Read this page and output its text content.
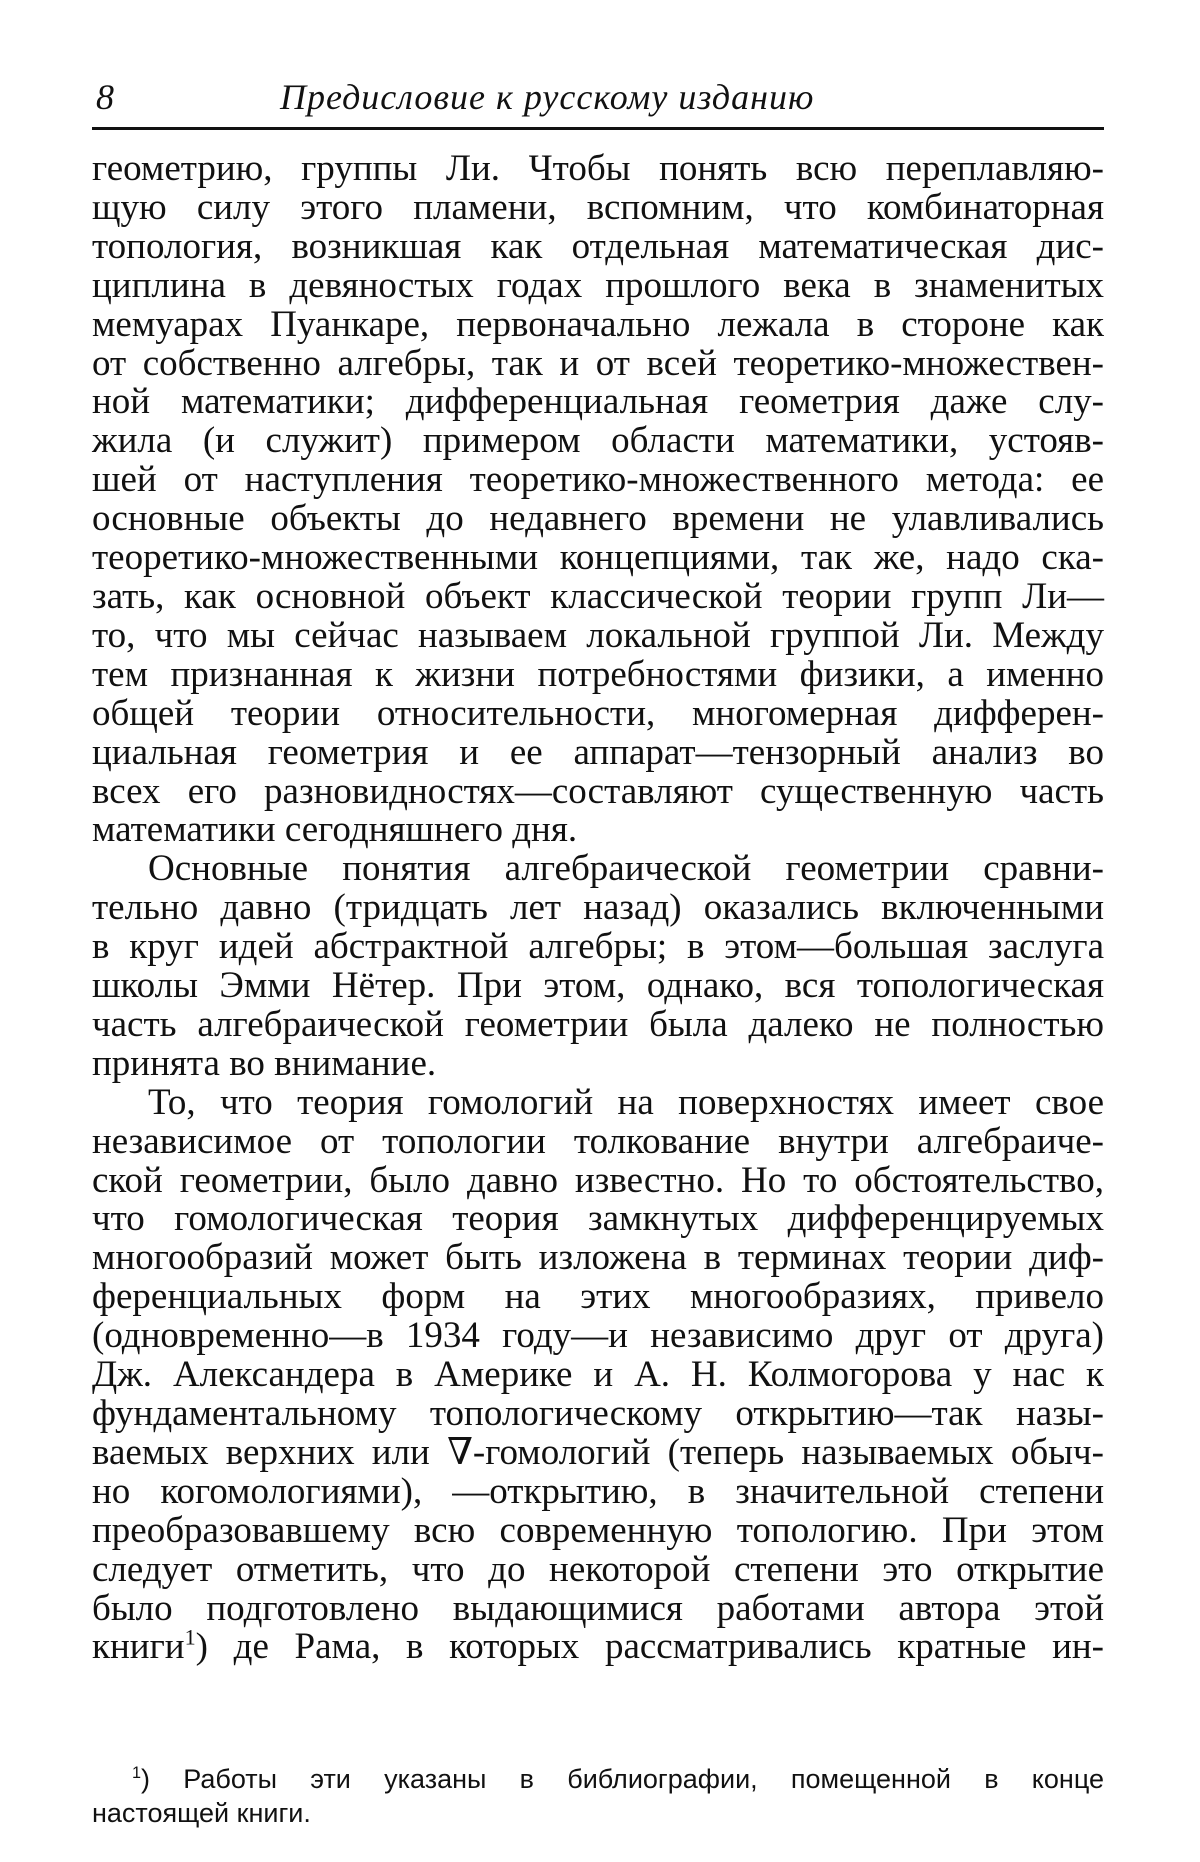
8	Предисловие к русскому изданию
геометрию, группы Ли. Чтобы понять всю переплавляю-
щую силу этого пламени, вспомним, что комбинаторная
топология, возникшая как отдельная математическая дис-
циплина в девяностых годах прошлого века в знаменитых
мемуарах Пуанкаре, первоначально лежала в стороне как
от собственно алгебры, так и от всей теоретико-множествен-
ной математики; дифференциальная геометрия даже слу-
жила (и служит) примером области математики, устояв-
шей от наступления теоретико-множественного метода: ее
основные объекты до недавнего времени не улавливались
теоретико-множественными концепциями, так же, надо ска-
зать, как основной объект классической теории групп Ли—
то, что мы сейчас называем локальной группой Ли. Между
тем признанная к жизни потребностями физики, а именно
общей теории относительности, многомерная дифферен-
циальная геометрия и ее аппарат—тензорный анализ во
всех его разновидностях—составляют существенную часть
математики сегодняшнего дня.
Основные понятия алгебраической геометрии сравни-
тельно давно (тридцать лет назад) оказались включенными
в круг идей абстрактной алгебры; в этом—большая заслуга
школы Эмми Нётер. При этом, однако, вся топологическая
часть алгебраической геометрии была далеко не полностью
принята во внимание.
То, что теория гомологий на поверхностях имеет свое
независимое от топологии толкование внутри алгебраиче-
ской геометрии, было давно известно. Но то обстоятельство,
что гомологическая теория замкнутых дифференцируемых
многообразий может быть изложена в терминах теории диф-
ференциальных форм на этих многообразиях, привело
(одновременно—в 1934 году—и независимо друг от друга)
Дж. Александера в Америке и А. Н. Колмогорова у нас к
фундаментальному топологическому открытию—так назы-
ваемых верхних или ∇-гомологий (теперь называемых обыч-
но когомологиями), —открытию, в значительной степени
преобразовавшему всю современную топологию. При этом
следует отметить, что до некоторой степени это открытие
было подготовлено выдающимися работами автора этой
книги$^1$) де Рама, в которых рассматривались кратные ин-
$^1$) Работы эти указаны в библиографии, помещенной в конце
настоящей книги.
